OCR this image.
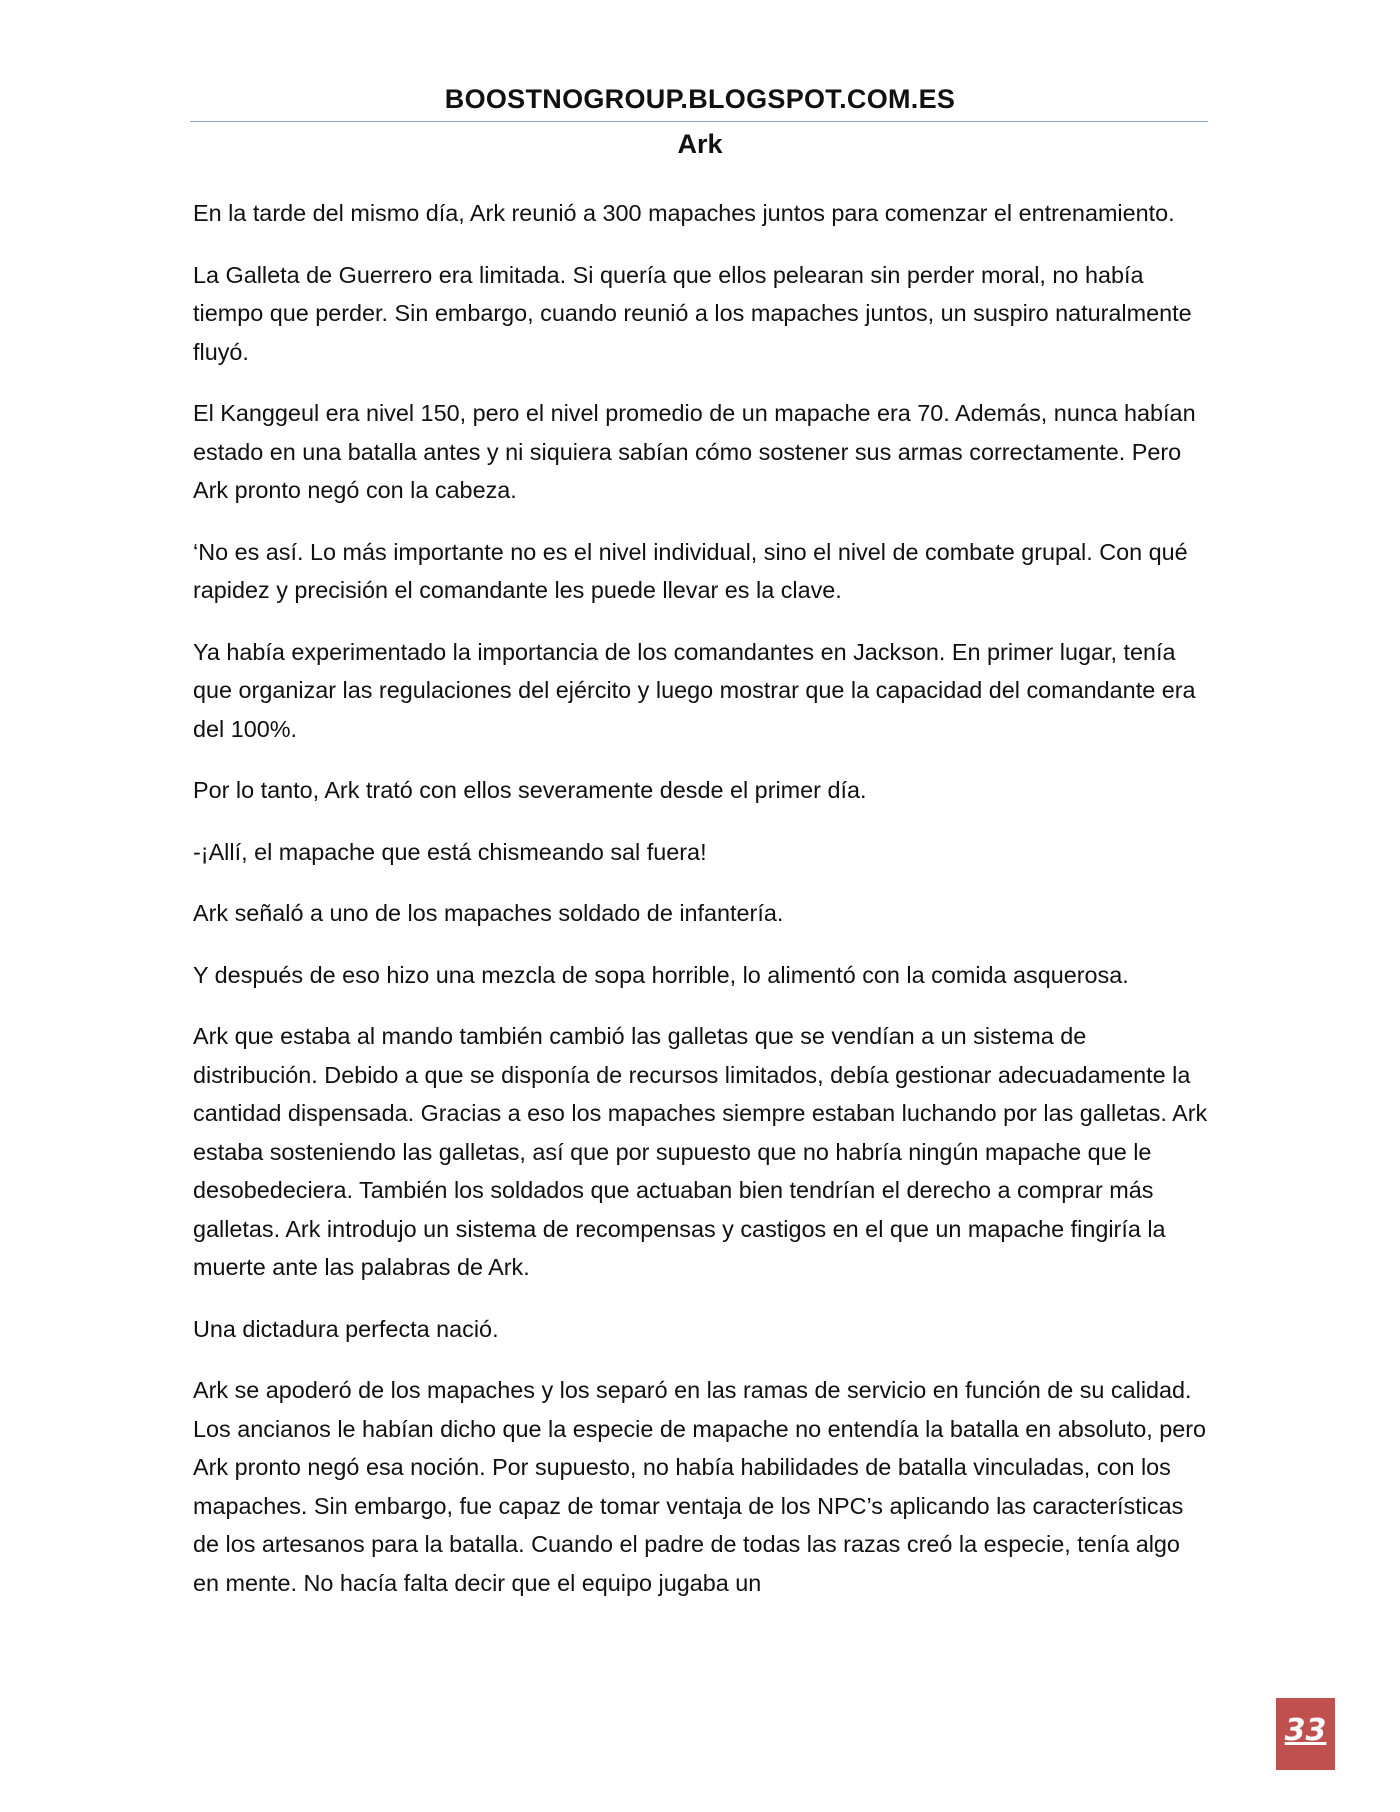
BOOSTNOGROUP.BLOGSPOT.COM.ES
Ark

En la tarde del mismo día, Ark reunió a 300 mapaches juntos para comenzar el entrenamiento.

La Galleta de Guerrero era limitada. Si quería que ellos pelearan sin perder moral, no había tiempo que perder. Sin embargo, cuando reunió a los mapaches juntos, un suspiro naturalmente fluyó.

El Kanggeul era nivel 150, pero el nivel promedio de un mapache era 70. Además, nunca habían estado en una batalla antes y ni siquiera sabían cómo sostener sus armas correctamente. Pero Ark pronto negó con la cabeza.

‘No es así. Lo más importante no es el nivel individual, sino el nivel de combate grupal. Con qué rapidez y precisión el comandante les puede llevar es la clave.

Ya había experimentado la importancia de los comandantes en Jackson. En primer lugar, tenía que organizar las regulaciones del ejército y luego mostrar que la capacidad del comandante era del 100%.

Por lo tanto, Ark trató con ellos severamente desde el primer día.

-¡Allí, el mapache que está chismeando sal fuera!

Ark señaló a uno de los mapaches soldado de infantería.

Y después de eso hizo una mezcla de sopa horrible, lo alimentó con la comida asquerosa.

Ark que estaba al mando también cambió las galletas que se vendían a un sistema de distribución. Debido a que se disponía de recursos limitados, debía gestionar adecuadamente la cantidad dispensada. Gracias a eso los mapaches siempre estaban luchando por las galletas. Ark estaba sosteniendo las galletas, así que por supuesto que no habría ningún mapache que le desobedeciera. También los soldados que actuaban bien tendrían el derecho a comprar más galletas. Ark introdujo un sistema de recompensas y castigos en el que un mapache fingiría la muerte ante las palabras de Ark.

Una dictadura perfecta nació.

Ark se apoderó de los mapaches y los separó en las ramas de servicio en función de su calidad. Los ancianos le habían dicho que la especie de mapache no entendía la batalla en absoluto, pero Ark pronto negó esa noción. Por supuesto, no había habilidades de batalla vinculadas, con los mapaches. Sin embargo, fue capaz de tomar ventaja de los NPC’s aplicando las características de los artesanos para la batalla. Cuando el padre de todas las razas creó la especie, tenía algo en mente. No hacía falta decir que el equipo jugaba un

33
